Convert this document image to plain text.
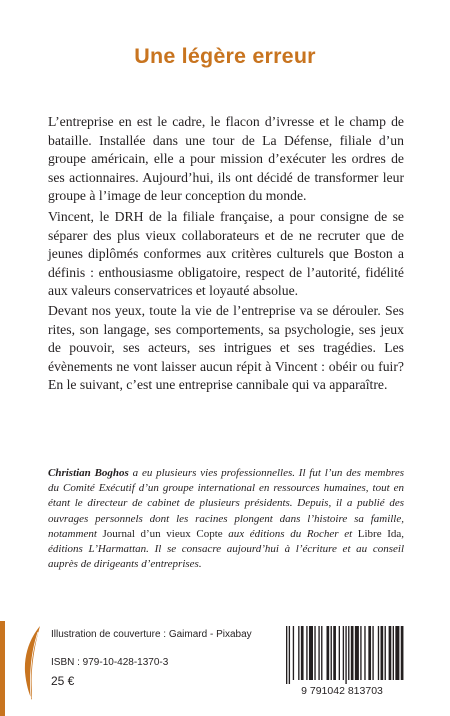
Une légère erreur

L’entreprise en est le cadre, le flacon d’ivresse et le champ de bataille. Installée dans une tour de La Défense, filiale d’un groupe américain, elle a pour mission d’exécuter les ordres de ses actionnaires. Aujourd’hui, ils ont décidé de transformer leur groupe à l’image de leur conception du monde.

Vincent, le DRH de la filiale française, a pour consigne de se séparer des plus vieux collaborateurs et de ne recruter que de jeunes diplômés conformes aux critères culturels que Boston a définis : enthousiasme obligatoire, respect de l’autorité, fidélité aux valeurs conservatrices et loyauté absolue.

Devant nos yeux, toute la vie de l’entreprise va se dérouler. Ses rites, son langage, ses comportements, sa psychologie, ses jeux de pouvoir, ses acteurs, ses intrigues et ses tragédies. Les évènements ne vont laisser aucun répit à Vincent : obéir ou fuir? En le suivant, c’est une entreprise cannibale qui va apparaître.

Christian Boghos a eu plusieurs vies professionnelles. Il fut l’un des membres du Comité Exécutif d’un groupe international en ressources humaines, tout en étant le directeur de cabinet de plusieurs présidents. Depuis, il a publié des ouvrages personnels dont les racines plongent dans l’histoire sa famille, notamment Journal d’un vieux Copte aux éditions du Rocher et Libre Ida, éditions L’Harmattan. Il se consacre aujourd’hui à l’écriture et au conseil auprès de dirigeants d’entreprises.

Illustration de couverture : Gaimard - Pixabay
ISBN : 979-10-428-1370-3
25 €
9 791042 813703
